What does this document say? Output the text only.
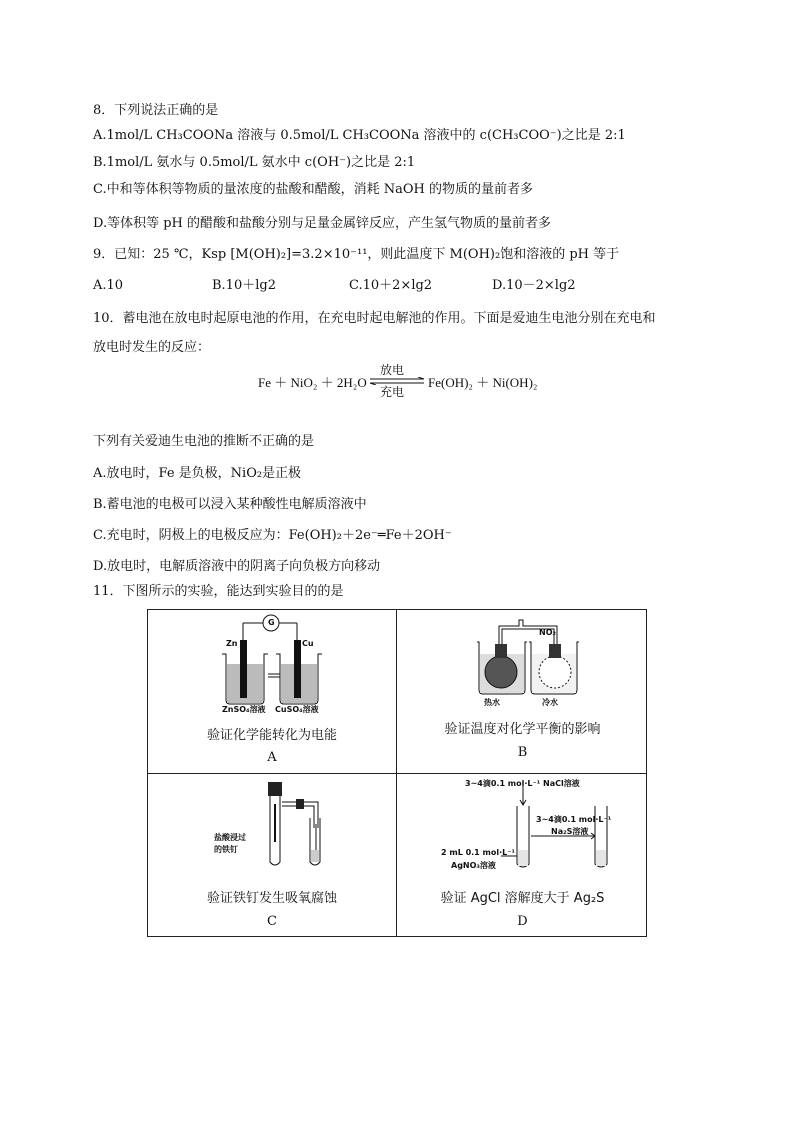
8．下列说法正确的是
A.1mol/L CH₃COONa 溶液与 0.5mol/L CH₃COONa 溶液中的 c(CH₃COO⁻)之比是 2:1
B.1mol/L 氨水与 0.5mol/L 氨水中 c(OH⁻)之比是 2:1
C.中和等体积等物质的量浓度的盐酸和醋酸，消耗 NaOH 的物质的量前者多
D.等体积等 pH 的醋酸和盐酸分别与足量金属锌反应，产生氢气物质的量前者多
9．已知：25 ℃，Ksp [M(OH)₂]=3.2×10⁻¹¹，则此温度下 M(OH)₂饱和溶液的 pH 等于
A.10	B.10＋lg2	C.10＋2×lg2	D.10－2×lg2
10．蓄电池在放电时起原电池的作用，在充电时起电解池的作用。下面是爱迪生电池分别在充电和
放电时发生的反应：
Fe ＋ NiO₂ ＋ 2H₂O
放电
充电
Fe(OH)₂ ＋ Ni(OH)₂
下列有关爱迪生电池的推断不正确的是
A.放电时，Fe 是负极，NiO₂是正极
B.蓄电池的电极可以浸入某种酸性电解质溶液中
C.充电时，阴极上的电极反应为：Fe(OH)₂＋2e⁻═Fe＋2OH⁻
D.放电时，电解质溶液中的阴离子向负极方向移动
11．下图所示的实验，能达到实验目的的是
Zn	Cu
G
ZnSO₄溶液 CuSO₄溶液
验证化学能转化为电能
A
NO₂
热水	冷水
验证温度对化学平衡的影响
B
盐酸浸过
的铁钉
验证铁钉发生吸氧腐蚀
C
3~4滴0.1 mol·L⁻¹ NaCl溶液
3~4滴0.1 mol·L⁻¹
Na₂S溶液
2 mL 0.1 mol·L⁻¹
AgNO₃溶液
验证 AgCl 溶解度大于 Ag₂S
D
